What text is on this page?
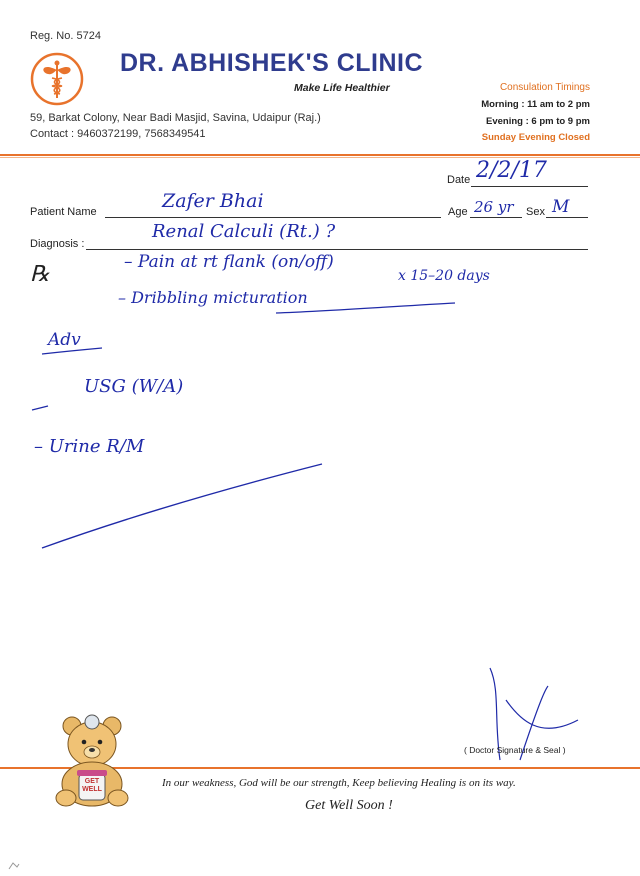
Reg. No. 5724
DR. ABHISHEK'S CLINIC
Make Life Healthier
59, Barkat Colony, Near Badi Masjid, Savina, Udaipur (Raj.)
Contact : 9460372199, 7568349541
Consulation Timings
Morning : 11 am to 2 pm
Evening : 6 pm to 9 pm
Sunday Evening Closed
Date 2/2/17
Patient Name	Zafer Bhai	Age 26 yr Sex M
Diagnosis :
Renal Calculi (Rt.) ?
℞	– Pain at rt flank (on/off)
x 15–20 days
– Dribbling micturation
Adv
USG (W/A)
– Urine R/M
( Doctor Signature & Seal )
GET WELL
In our weakness, God will be our strength, Keep believing Healing is on its way.
Get Well Soon !
